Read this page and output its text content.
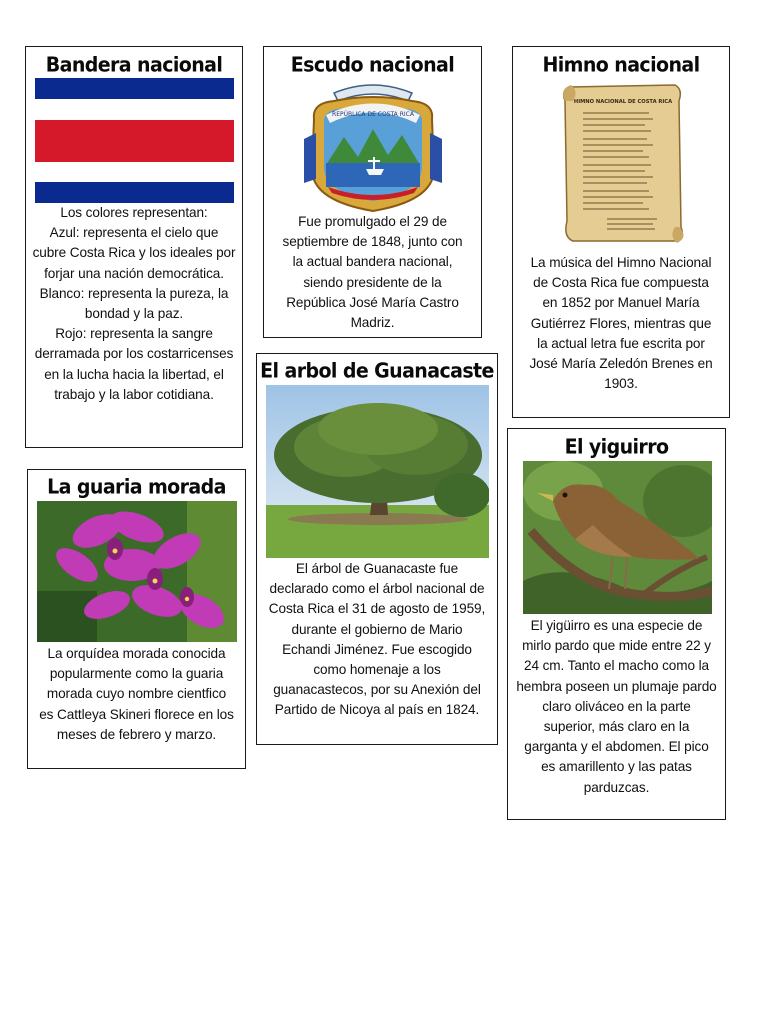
Bandera nacional
Los colores representan:
Azul: representa el cielo que cubre Costa Rica y los ideales por forjar una nación democrática.
Blanco: representa la pureza, la bondad y la paz.
Rojo: representa la sangre derramada por los costarricenses en la lucha hacia la libertad, el trabajo y la labor cotidiana.
Escudo nacional
REPÚBLICA DE COSTA RICA
Fue promulgado el 29 de septiembre de 1848, junto con la actual bandera nacional, siendo presidente de la República José María Castro Madriz.
Himno nacional
HIMNO NACIONAL DE COSTA RICA
La música del Himno Nacional de Costa Rica fue compuesta en 1852 por Manuel María Gutiérrez Flores, mientras que la actual letra fue escrita por José María Zeledón Brenes en 1903.
El arbol de Guanacaste
El árbol de Guanacaste fue declarado como el árbol nacional de Costa Rica el 31 de agosto de 1959, durante el gobierno de Mario Echandi Jiménez. Fue escogido como homenaje a los guanacastecos, por su Anexión del Partido de Nicoya al país en 1824.
La guaria morada
La orquídea morada conocida popularmente como la guaria morada cuyo nombre cientfico es Cattleya Skineri florece en los meses de febrero y marzo.
El yiguirro
El yigüirro es una especie de mirlo pardo que mide entre 22 y 24 cm. Tanto el macho como la hembra poseen un plumaje pardo claro oliváceo en la parte superior, más claro en la garganta y el abdomen. El pico es amarillento y las patas parduzcas.
